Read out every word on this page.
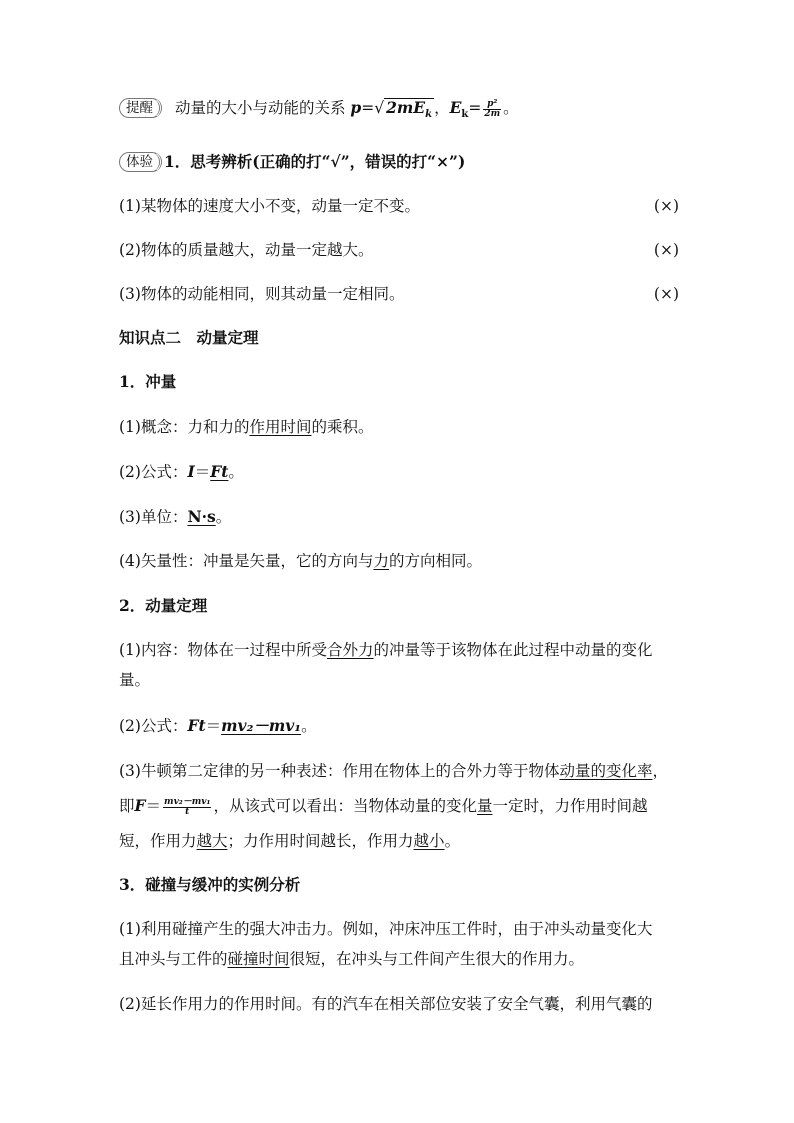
提醒 动量的大小与动能的关系 p=√ $2mE_k$ ，$E_k= \frac{\text{p²}}{2m}$ 。
体验 1．思考辨析(正确的打“√”，错误的打“×”)
(1)某物体的速度大小不变，动量一定不变。	(×)
(2)物体的质量越大，动量一定越大。	(×)
(3)物体的动能相同，则其动量一定相同。	(×)
知识点二　动量定理
1．冲量
(1)概念：力和力的作用时间的乘积。
(2)公式：I＝Ft。
(3)单位：N·s。
(4)矢量性：冲量是矢量，它的方向与力的方向相同。
2．动量定理
(1)内容：物体在一过程中所受合外力的冲量等于该物体在此过程中动量的变化
量。
(2)公式：Ft＝mv₂－mv₁。
(3)牛顿第二定律的另一种表述：作用在物体上的合外力等于物体动量的变化率，
即$F= \frac{\text{mv₂－mv₁}}{t}$ ，从该式可以看出：当物体动量的变化量一定时，力作用时间越
短，作用力越大；力作用时间越长，作用力越小。
3．碰撞与缓冲的实例分析
(1)利用碰撞产生的强大冲击力。例如，冲床冲压工件时，由于冲头动量变化大
且冲头与工件的碰撞时间很短，在冲头与工件间产生很大的作用力。
(2)延长作用力的作用时间。有的汽车在相关部位安装了安全气囊，利用气囊的
